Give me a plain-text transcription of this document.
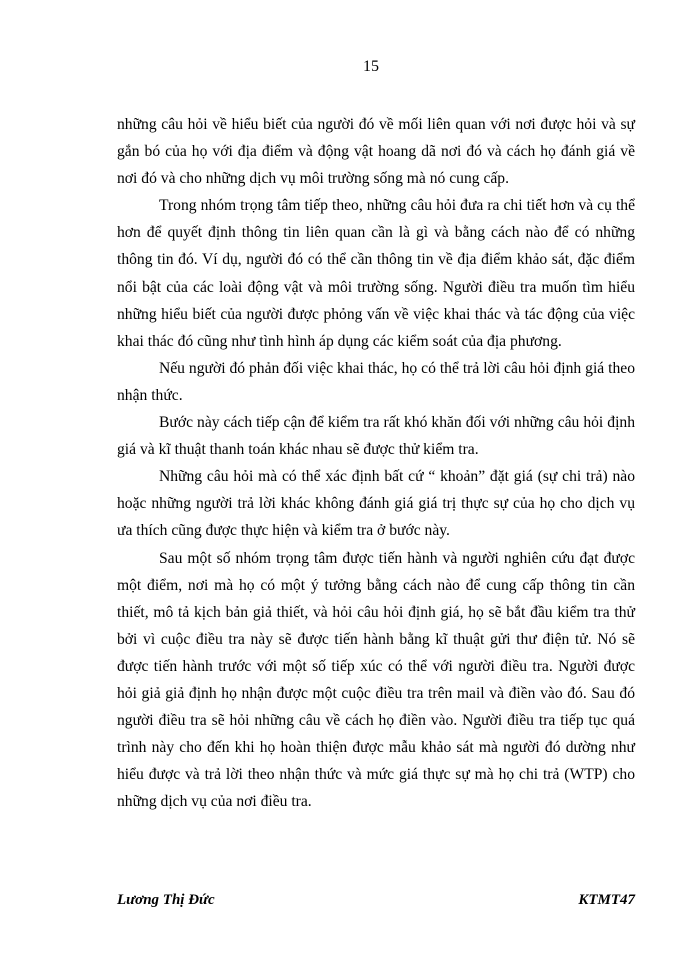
15

những câu hỏi về hiểu biết của người đó về mối liên quan với nơi được hỏi và sự gắn bó của họ với địa điểm và động vật hoang dã nơi đó và cách họ đánh giá về nơi đó và cho những dịch vụ môi trường sống mà nó cung cấp.

Trong nhóm trọng tâm tiếp theo, những câu hỏi đưa ra chi tiết hơn và cụ thể hơn để quyết định thông tin liên quan cần là gì và bằng cách nào để có những thông tin đó. Ví dụ, người đó có thể cần thông tin về địa điểm khảo sát, đặc điểm nổi bật của các loài động vật và môi trường sống. Người điều tra muốn tìm hiểu những hiểu biết của người được phỏng vấn về việc khai thác và tác động của việc khai thác đó cũng như tình hình áp dụng các kiểm soát của địa phương.

Nếu người đó phản đối việc khai thác, họ có thể trả lời câu hỏi định giá theo nhận thức.

Bước này cách tiếp cận để kiểm tra rất khó khăn đối với những câu hỏi định giá và kĩ thuật thanh toán khác nhau sẽ được thử kiểm tra.

Những câu hỏi mà có thể xác định bất cứ “ khoản” đặt giá (sự chi trả) nào hoặc những người trả lời khác không đánh giá giá trị thực sự của họ cho dịch vụ ưa thích cũng được thực hiện và kiểm tra ở bước này.

Sau một số nhóm trọng tâm được tiến hành và người nghiên cứu đạt được một điểm, nơi mà họ có một ý tưởng bằng cách nào để cung cấp thông tin cần thiết, mô tả kịch bản giả thiết, và hỏi câu hỏi định giá, họ sẽ bắt đầu kiểm tra thử bởi vì cuộc điều tra này sẽ được tiến hành bằng kĩ thuật gửi thư điện tử. Nó sẽ được tiến hành trước với một số tiếp xúc có thể với người điều tra. Người được hỏi giả giả định họ nhận được một cuộc điều tra trên mail và điền vào đó. Sau đó người điều tra sẽ hỏi những câu về cách họ điền vào. Người điều tra tiếp tục quá trình này cho đến khi họ hoàn thiện được mẫu khảo sát mà người đó dường như hiểu được và trả lời theo nhận thức và mức giá thực sự mà họ chi trả (WTP) cho những dịch vụ của nơi điều tra.

Lương Thị Đức	KTMT47
